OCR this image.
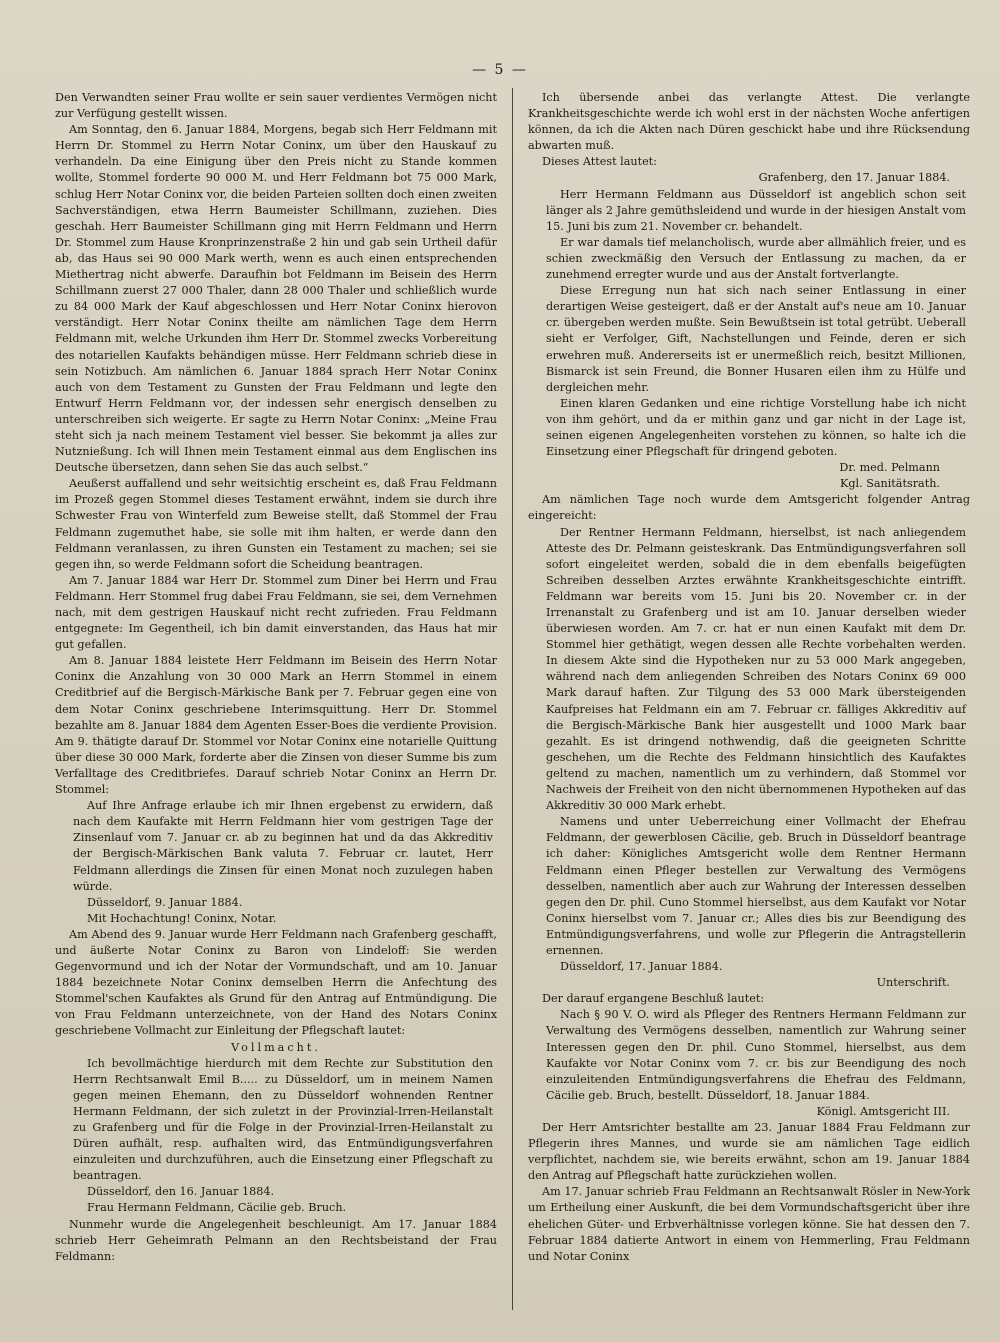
— 5 —

Den Verwandten seiner Frau wollte er sein sauer verdientes Vermögen nicht zur Verfügung gestellt wissen.

Am Sonntag, den 6. Januar 1884, Morgens, begab sich Herr Feldmann mit Herrn Dr. Stommel zu Herrn Notar Coninx, um über den Hauskauf zu verhandeln. Da eine Einigung über den Preis nicht zu Stande kommen wollte, Stommel forderte 90 000 M. und Herr Feldmann bot 75 000 Mark, schlug Herr Notar Coninx vor, die beiden Parteien sollten doch einen zweiten Sachverständigen, etwa Herrn Baumeister Schillmann, zuziehen. Dies geschah. Herr Baumeister Schillmann ging mit Herrn Feldmann und Herrn Dr. Stommel zum Hause Kronprinzenstraße 2 hin und gab sein Urtheil dafür ab, das Haus sei 90 000 Mark werth, wenn es auch einen entsprechenden Miethertrag nicht abwerfe. Daraufhin bot Feldmann im Beisein des Herrn Schillmann zuerst 27 000 Thaler, dann 28 000 Thaler und schließlich wurde zu 84 000 Mark der Kauf abgeschlossen und Herr Notar Coninx hierovon verständigt. Herr Notar Coninx theilte am nämlichen Tage dem Herrn Feldmann mit, welche Urkunden ihm Herr Dr. Stommel zwecks Vorbereitung des notariellen Kaufakts behändigen müsse. Herr Feldmann schrieb diese in sein Notizbuch. Am nämlichen 6. Januar 1884 sprach Herr Notar Coninx auch von dem Testament zu Gunsten der Frau Feldmann und legte den Entwurf Herrn Feldmann vor, der indessen sehr energisch denselben zu unterschreiben sich weigerte. Er sagte zu Herrn Notar Coninx: „Meine Frau steht sich ja nach meinem Testament viel besser. Sie bekommt ja alles zur Nutznießung. Ich will Ihnen mein Testament einmal aus dem Englischen ins Deutsche übersetzen, dann sehen Sie das auch selbst.“

Aeußerst auffallend und sehr weitsichtig erscheint es, daß Frau Feldmann im Prozeß gegen Stommel dieses Testament erwähnt, indem sie durch ihre Schwester Frau von Winterfeld zum Beweise stellt, daß Stommel der Frau Feldmann zugemuthet habe, sie solle mit ihm halten, er werde dann den Feldmann veranlassen, zu ihren Gunsten ein Testament zu machen; sei sie gegen ihn, so werde Feldmann sofort die Scheidung beantragen.

Am 7. Januar 1884 war Herr Dr. Stommel zum Diner bei Herrn und Frau Feldmann. Herr Stommel frug dabei Frau Feldmann, sie sei, dem Vernehmen nach, mit dem gestrigen Hauskauf nicht recht zufrieden. Frau Feldmann entgegnete: Im Gegentheil, ich bin damit einverstanden, das Haus hat mir gut gefallen.

Am 8. Januar 1884 leistete Herr Feldmann im Beisein des Herrn Notar Coninx die Anzahlung von 30 000 Mark an Herrn Stommel in einem Creditbrief auf die Bergisch-Märkische Bank per 7. Februar gegen eine von dem Notar Coninx geschriebene Interimsquittung. Herr Dr. Stommel bezahlte am 8. Januar 1884 dem Agenten Esser-Boes die verdiente Provision. Am 9. thätigte darauf Dr. Stommel vor Notar Coninx eine notarielle Quittung über diese 30 000 Mark, forderte aber die Zinsen von dieser Summe bis zum Verfalltage des Creditbriefes. Darauf schrieb Notar Coninx an Herrn Dr. Stommel:

Auf Ihre Anfrage erlaube ich mir Ihnen ergebenst zu erwidern, daß nach dem Kaufakte mit Herrn Feldmann hier vom gestrigen Tage der Zinsenlauf vom 7. Januar cr. ab zu beginnen hat und da das Akkreditiv der Bergisch-Märkischen Bank valuta 7. Februar cr. lautet, Herr Feldmann allerdings die Zinsen für einen Monat noch zuzulegen haben würde.

Düsseldorf, 9. Januar 1884.

Mit Hochachtung! Coninx, Notar.

Am Abend des 9. Januar wurde Herr Feldmann nach Grafenberg geschafft, und äußerte Notar Coninx zu Baron von Lindeloff: Sie werden Gegenvormund und ich der Notar der Vormundschaft, und am 10. Januar 1884 bezeichnete Notar Coninx demselben Herrn die Anfechtung des Stommel'schen Kaufaktes als Grund für den Antrag auf Entmündigung. Die von Frau Feldmann unterzeichnete, von der Hand des Notars Coninx geschriebene Vollmacht zur Einleitung der Pflegschaft lautet:

Vollmacht.

Ich bevollmächtige hierdurch mit dem Rechte zur Substitution den Herrn Rechtsanwalt Emil B..... zu Düsseldorf, um in meinem Namen gegen meinen Ehemann, den zu Düsseldorf wohnenden Rentner Hermann Feldmann, der sich zuletzt in der Provinzial-Irren-Heilanstalt zu Grafenberg und für die Folge in der Provinzial-Irren-Heilanstalt zu Düren aufhält, resp. aufhalten wird, das Entmündigungsverfahren einzuleiten und durchzuführen, auch die Einsetzung einer Pflegschaft zu beantragen.

Düsseldorf, den 16. Januar 1884.

Frau Hermann Feldmann, Cäcilie geb. Bruch.

Nunmehr wurde die Angelegenheit beschleunigt. Am 17. Januar 1884 schrieb Herr Geheimrath Pelmann an den Rechtsbeistand der Frau Feldmann:

Ich übersende anbei das verlangte Attest. Die verlangte Krankheitsgeschichte werde ich wohl erst in der nächsten Woche anfertigen können, da ich die Akten nach Düren geschickt habe und ihre Rücksendung abwarten muß.

Dieses Attest lautet:

Grafenberg, den 17. Januar 1884.

Herr Hermann Feldmann aus Düsseldorf ist angeblich schon seit länger als 2 Jahre gemüthsleidend und wurde in der hiesigen Anstalt vom 15. Juni bis zum 21. November cr. behandelt.

Er war damals tief melancholisch, wurde aber allmählich freier, und es schien zweckmäßig den Versuch der Entlassung zu machen, da er zunehmend erregter wurde und aus der Anstalt fortverlangte.

Diese Erregung nun hat sich nach seiner Entlassung in einer derartigen Weise gesteigert, daß er der Anstalt auf's neue am 10. Januar cr. übergeben werden mußte. Sein Bewußtsein ist total getrübt. Ueberall sieht er Verfolger, Gift, Nachstellungen und Feinde, deren er sich erwehren muß. Andererseits ist er unermeßlich reich, besitzt Millionen, Bismarck ist sein Freund, die Bonner Husaren eilen ihm zu Hülfe und dergleichen mehr.

Einen klaren Gedanken und eine richtige Vorstellung habe ich nicht von ihm gehört, und da er mithin ganz und gar nicht in der Lage ist, seinen eigenen Angelegenheiten vorstehen zu können, so halte ich die Einsetzung einer Pflegschaft für dringend geboten.

Dr. med. Pelmann

Kgl. Sanitätsrath.

Am nämlichen Tage noch wurde dem Amtsgericht folgender Antrag eingereicht:

Der Rentner Hermann Feldmann, hierselbst, ist nach anliegendem Atteste des Dr. Pelmann geisteskrank. Das Entmündigungsverfahren soll sofort eingeleitet werden, sobald die in dem ebenfalls beigefügten Schreiben desselben Arztes erwähnte Krankheitsgeschichte eintrifft. Feldmann war bereits vom 15. Juni bis 20. November cr. in der Irrenanstalt zu Grafenberg und ist am 10. Januar derselben wieder überwiesen worden. Am 7. cr. hat er nun einen Kaufakt mit dem Dr. Stommel hier gethätigt, wegen dessen alle Rechte vorbehalten werden. In diesem Akte sind die Hypotheken nur zu 53 000 Mark angegeben, während nach dem anliegenden Schreiben des Notars Coninx 69 000 Mark darauf haften. Zur Tilgung des 53 000 Mark übersteigenden Kaufpreises hat Feldmann ein am 7. Februar cr. fälliges Akkreditiv auf die Bergisch-Märkische Bank hier ausgestellt und 1000 Mark baar gezahlt. Es ist dringend nothwendig, daß die geeigneten Schritte geschehen, um die Rechte des Feldmann hinsichtlich des Kaufaktes geltend zu machen, namentlich um zu verhindern, daß Stommel vor Nachweis der Freiheit von den nicht übernommenen Hypotheken auf das Akkreditiv 30 000 Mark erhebt.

Namens und unter Ueberreichung einer Vollmacht der Ehefrau Feldmann, der gewerblosen Cäcilie, geb. Bruch in Düsseldorf beantrage ich daher: Königliches Amtsgericht wolle dem Rentner Hermann Feldmann einen Pfleger bestellen zur Verwaltung des Vermögens desselben, namentlich aber auch zur Wahrung der Interessen desselben gegen den Dr. phil. Cuno Stommel hierselbst, aus dem Kaufakt vor Notar Coninx hierselbst vom 7. Januar cr.; Alles dies bis zur Beendigung des Entmündigungsverfahrens, und wolle zur Pflegerin die Antragstellerin ernennen.

Düsseldorf, 17. Januar 1884.

Unterschrift.

Der darauf ergangene Beschluß lautet:

Nach § 90 V. O. wird als Pfleger des Rentners Hermann Feldmann zur Verwaltung des Vermögens desselben, namentlich zur Wahrung seiner Interessen gegen den Dr. phil. Cuno Stommel, hierselbst, aus dem Kaufakte vor Notar Coninx vom 7. cr. bis zur Beendigung des noch einzuleitenden Entmündigungsverfahrens die Ehefrau des Feldmann, Cäcilie geb. Bruch, bestellt. Düsseldorf, 18. Januar 1884.

Königl. Amtsgericht III.

Der Herr Amtsrichter bestallte am 23. Januar 1884 Frau Feldmann zur Pflegerin ihres Mannes, und wurde sie am nämlichen Tage eidlich verpflichtet, nachdem sie, wie bereits erwähnt, schon am 19. Januar 1884 den Antrag auf Pflegschaft hatte zurückziehen wollen.

Am 17. Januar schrieb Frau Feldmann an Rechtsanwalt Rösler in New-York um Ertheilung einer Auskunft, die bei dem Vormundschaftsgericht über ihre ehelichen Güter- und Erbverhältnisse vorlegen könne. Sie hat dessen den 7. Februar 1884 datierte Antwort in einem von Hemmerling, Frau Feldmann und Notar Coninx
